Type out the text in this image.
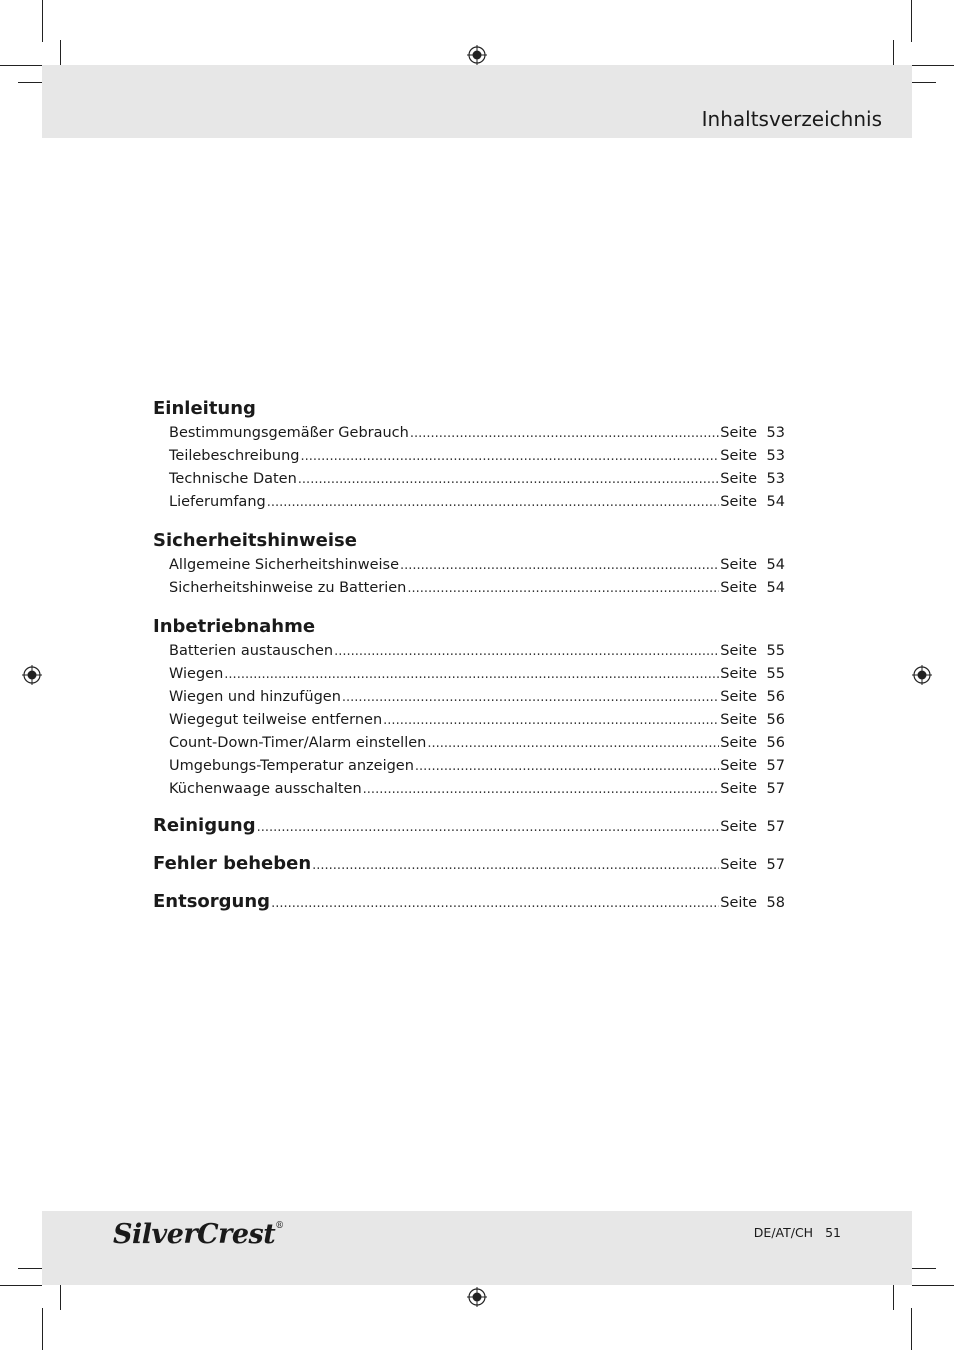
Inhaltsverzeichnis
Einleitung
Bestimmungsgemäßer Gebrauch .....	Seite 53
Teilebeschreibung .....	Seite 53
Technische Daten .....	Seite 53
Lieferumfang .....	Seite 54
Sicherheitshinweise
Allgemeine Sicherheitshinweise .....	Seite 54
Sicherheitshinweise zu Batterien .....	Seite 54
Inbetriebnahme
Batterien austauschen .....	Seite 55
Wiegen .....	Seite 55
Wiegen und hinzufügen .....	Seite 56
Wiegegut teilweise entfernen .....	Seite 56
Count-Down-Timer/Alarm einstellen .....	Seite 56
Umgebungs-Temperatur anzeigen .....	Seite 57
Küchenwaage ausschalten .....	Seite 57
Reinigung .....	Seite 57
Fehler beheben .....	Seite 57
Entsorgung .....	Seite 58
SilverCrest®	DE/AT/CH 51
